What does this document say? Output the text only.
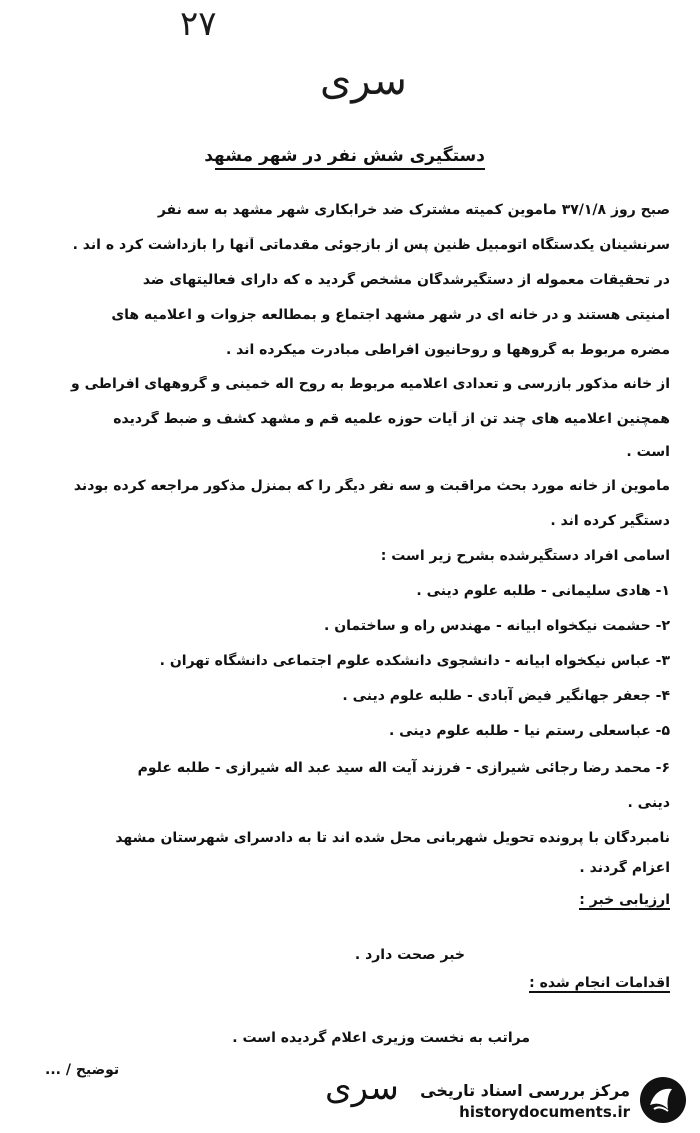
۲۷
سری
دستگیری شش نفر در شهر مشهد
صبح روز ۳۷/۱/۸ ماموین کمیته مشترک ضد خرابکاری شهر مشهد به سه نفر
سرنشینان یکدستگاه اتومبیل ظنین پس از بازجوئی مقدماتی آنها را بازداشت کرد ه اند .
در تحقیقات معموله از دستگیرشدگان مشخص گردید ه که دارای فعالیتهای ضد
امنیتی هستند و در خانه ای در شهر مشهد اجتماع و بمطالعه جزوات و اعلامیه های
مضره مربوط به گروهها و روحانیون افراطی مبادرت میکرده اند .
از خانه مذکور بازرسی و تعدادی اعلامیه مربوط به روح اله خمینی و گروههای افراطی و
همچنین اعلامیه های چند تن از آیات حوزه علمیه قم و مشهد کشف و ضبط گردیده
است .
ماموین از خانه مورد بحث مراقبت و سه نفر دیگر را که بمنزل مذکور مراجعه کرده بودند
دستگیر کرده اند .
اسامی افراد دستگیرشده بشرح زیر است :
۱- هادی سلیمانی - طلبه علوم دینی .
۲- حشمت نیکخواه ابیانه - مهندس راه و ساختمان .
۳- عباس نیکخواه ابیانه - دانشجوی دانشکده علوم اجتماعی دانشگاه تهران .
۴- جعفر جهانگیر فیض آبادی - طلبه علوم دینی .
۵- عباسعلی رستم نیا - طلبه علوم دینی .
۶- محمد رضا رجائی شیرازی - فرزند آیت اله سید عبد اله شیرازی - طلبه علوم
دینی .
نامبردگان با پرونده تحویل شهربانی محل شده اند تا به دادسرای شهرستان مشهد
اعزام گردند .
ارزیابی خبر :
خبر صحت دارد .
اقدامات انجام شده :
مراتب به نخست وزیری اعلام گردیده است .
توضیح / ...	سری مرکز بررسی اسناد تاریخی
historydocuments.ir
